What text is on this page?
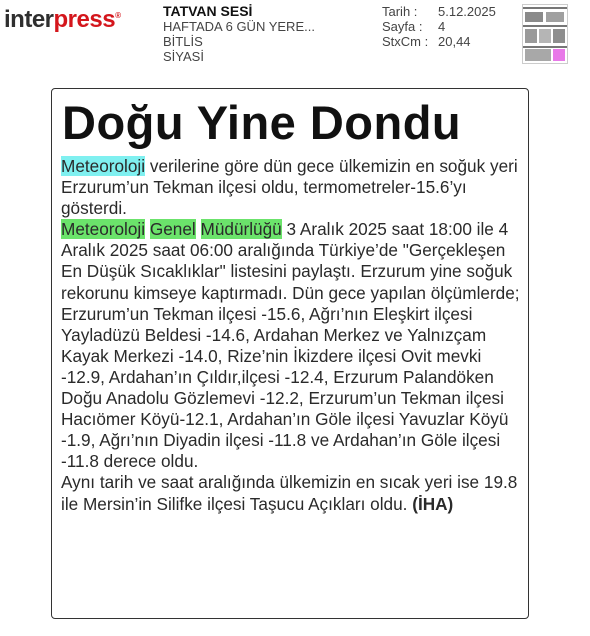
interpress®	TATVAN SESİ
HAFTADA 6 GÜN YERE...
BİTLİS
SİYASİ
Tarih :	5.12.2025
Sayfa :	4
StxCm : 20,44
Doğu Yine Dondu

Meteoroloji verilerine göre dün gece ülkemizin en soğuk yeri Erzurum’un Tekman ilçesi oldu, termometreler-15.6’yı gösterdi.

Meteoroloji Genel Müdürlüğü 3 Aralık 2025 saat 18:00 ile 4 Aralık 2025 saat 06:00 aralığında Türkiye’de "Gerçekleşen En Düşük Sıcaklıklar" listesini paylaştı. Erzurum yine soğuk rekorunu kimseye kaptırmadı. Dün gece yapılan ölçümlerde; Erzurum’un Tekman ilçesi -15.6, Ağrı’nın Eleşkirt ilçesi Yayladüzü Beldesi -14.6, Ardahan Merkez ve Yalnızçam Kayak Merkezi -14.0, Rize’nin İkizdere ilçesi Ovit mevki -12.9, Ardahan’ın Çıldır,ilçesi -12.4, Erzurum Palandöken Doğu Anadolu Gözlemevi -12.2, Erzurum’un Tekman ilçesi Hacıömer Köyü-12.1, Ardahan’ın Göle ilçesi Yavuzlar Köyü -1.9, Ağrı’nın Diyadin ilçesi -11.8 ve Ardahan’ın Göle ilçesi -11.8 derece oldu.

Aynı tarih ve saat aralığında ülkemizin en sıcak yeri ise 19.8 ile Mersin’in Silifke ilçesi Taşucu Açıkları oldu. (İHA)
